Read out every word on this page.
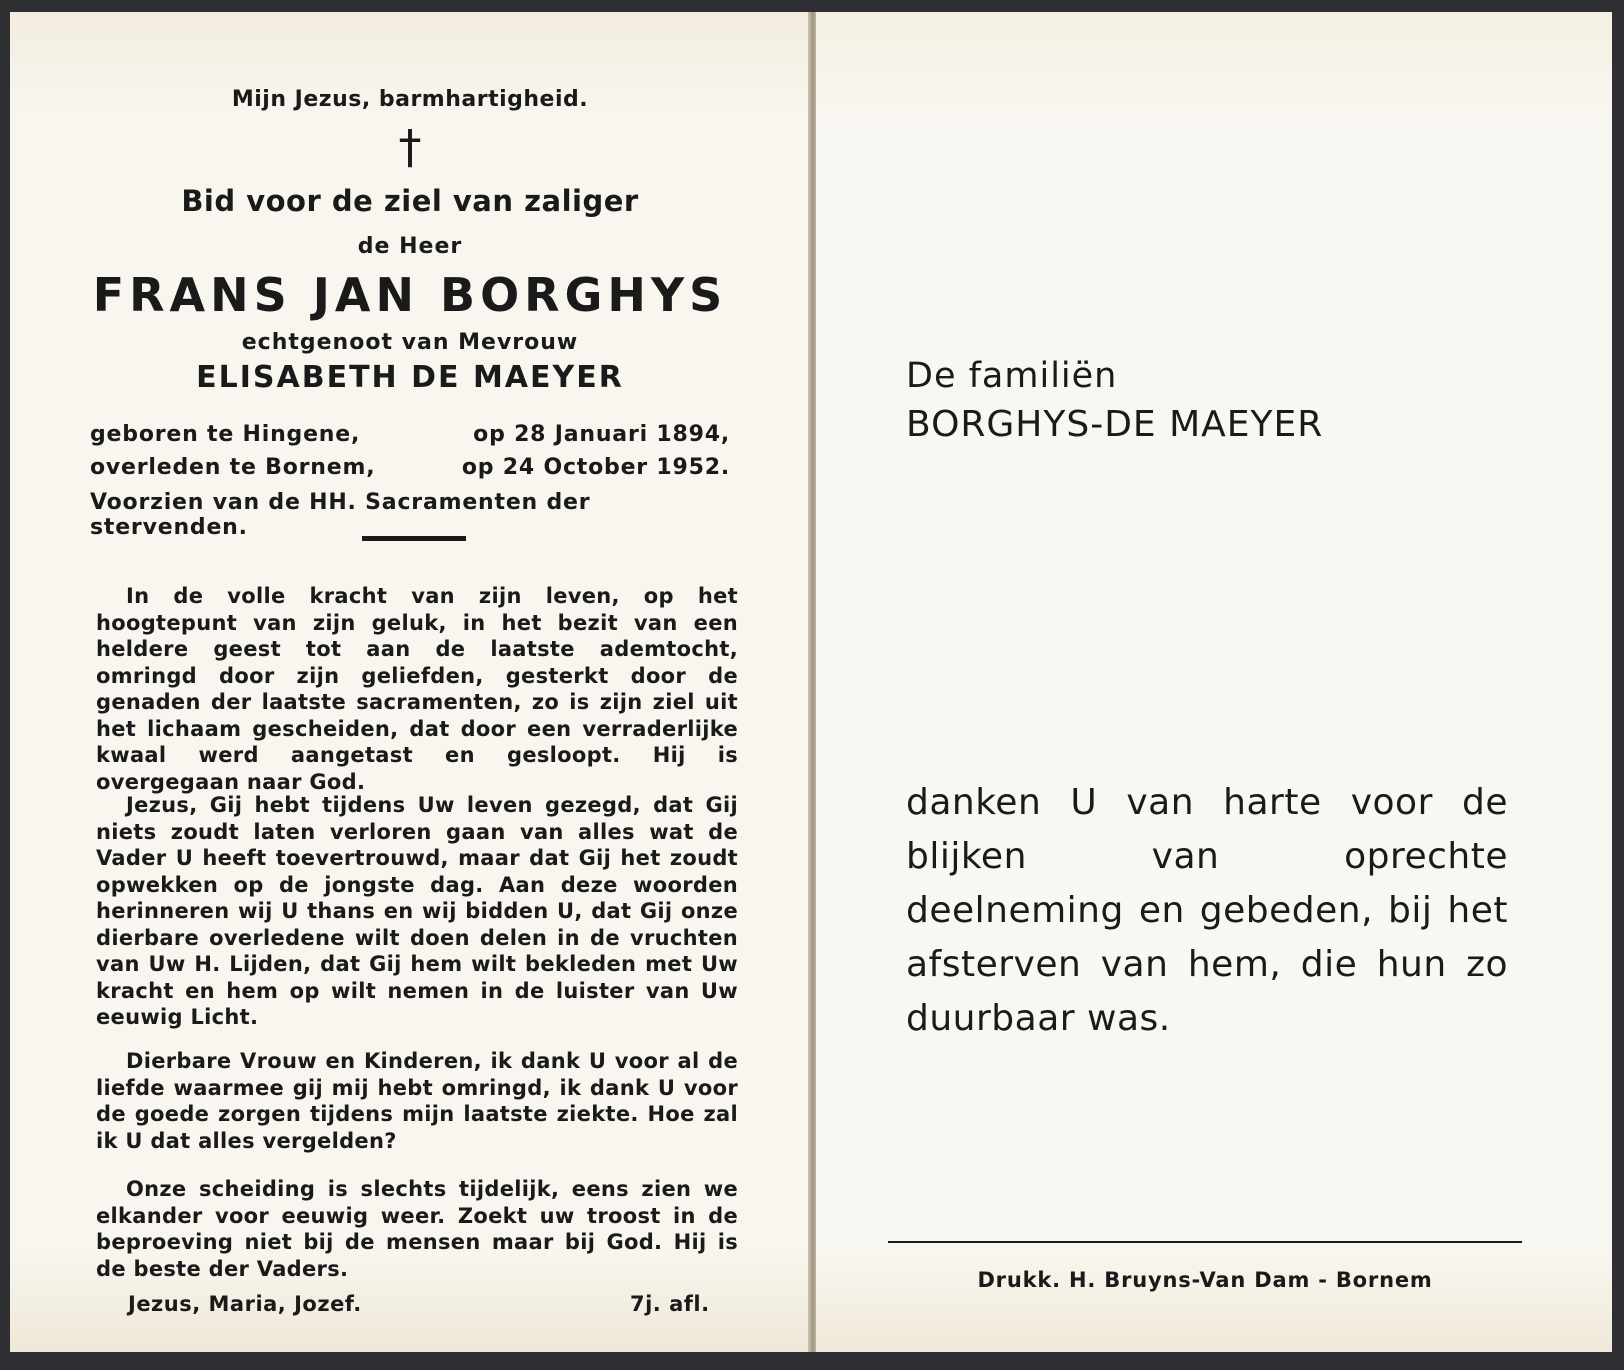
Mijn Jezus, barmhartigheid.
†
Bid voor de ziel van zaliger
de Heer
FRANS JAN BORGHYS
echtgenoot van Mevrouw
ELISABETH DE MAEYER
geboren te Hingene,	op 28 Januari 1894,
overleden te Bornem,	op 24 October 1952.
Voorzien van de HH. Sacramenten der stervenden.
In de volle kracht van zijn leven, op het hoogtepunt van zijn geluk, in het bezit van een heldere geest tot aan de laatste ademtocht, omringd door zijn geliefden, gesterkt door de genaden der laatste sacramenten, zo is zijn ziel uit het lichaam gescheiden, dat door een verraderlijke kwaal werd aangetast en gesloopt. Hij is overgegaan naar God.
Jezus, Gij hebt tijdens Uw leven gezegd, dat Gij niets zoudt laten verloren gaan van alles wat de Vader U heeft toevertrouwd, maar dat Gij het zoudt opwekken op de jongste dag. Aan deze woorden herinneren wij U thans en wij bidden U, dat Gij onze dierbare overledene wilt doen delen in de vruchten van Uw H. Lijden, dat Gij hem wilt bekleden met Uw kracht en hem op wilt nemen in de luister van Uw eeuwig Licht.
Dierbare Vrouw en Kinderen, ik dank U voor al de liefde waarmee gij mij hebt omringd, ik dank U voor de goede zorgen tijdens mijn laatste ziekte. Hoe zal ik U dat alles vergelden?
Onze scheiding is slechts tijdelijk, eens zien we elkander voor eeuwig weer. Zoekt uw troost in de beproeving niet bij de mensen maar bij God. Hij is de beste der Vaders.
Jezus, Maria, Jozef.	7j. afl.
De familiën
BORGHYS-DE MAEYER
danken U van harte voor de blijken van oprechte deelneming en gebeden, bij het afsterven van hem, die hun zo duurbaar was.
Drukk. H. Bruyns-Van Dam - Bornem
